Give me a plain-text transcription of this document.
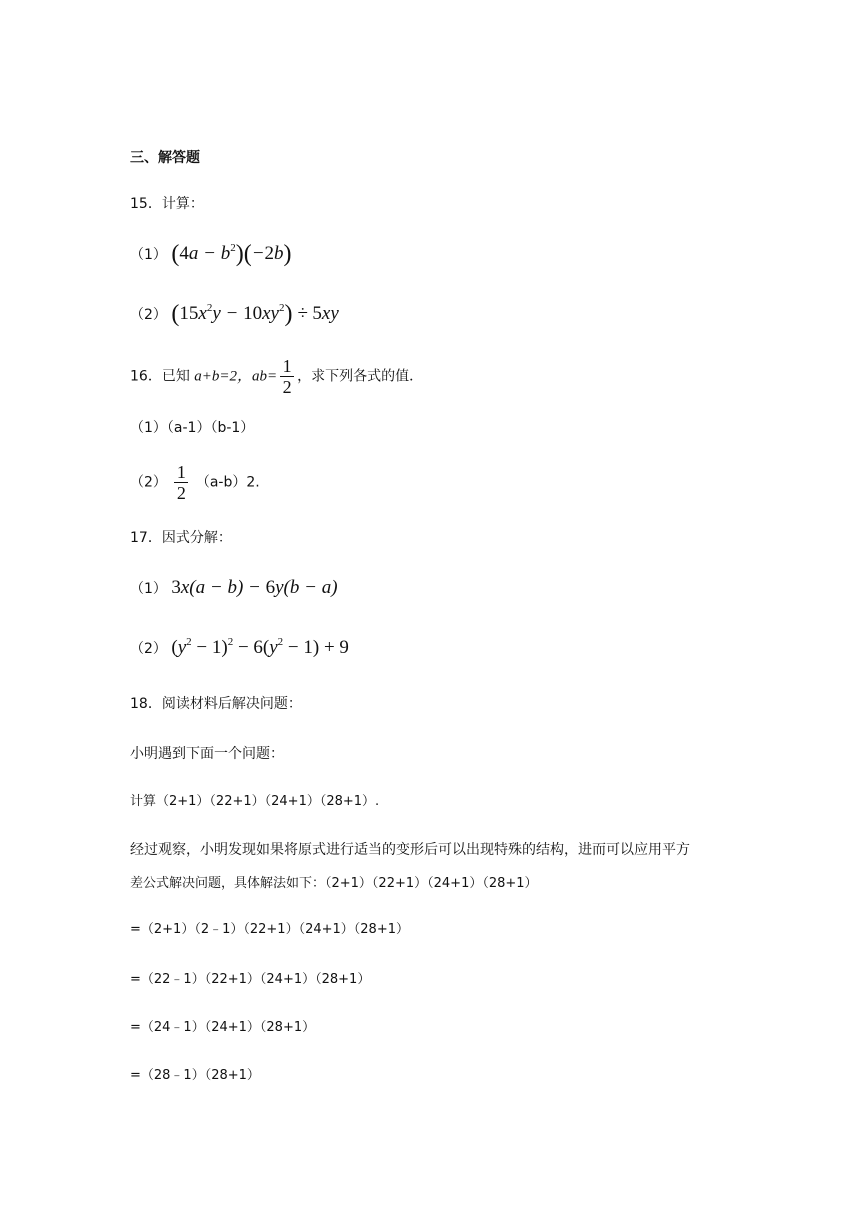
三、解答题
15．计算：
（1） $(4a - b^2)(-2b)$
（2） $(15x^2y - 10xy^2) \div 5xy$
16．已知 a+b=2，$ab= \frac{1}{2}$ ，求下列各式的值．
（1）（a-1）（b-1）
$(2) \frac{1}{2} (a-b)2$.
17．因式分解：
（1） 3x(a − b) − 6y(b − a)
（2） $(y^2 - 1)^2 - 6(y^2 - 1) + 9$
18．阅读材料后解决问题：
小明遇到下面一个问题：
计算（2+1）（22+1）（24+1）（28+1）.
经过观察，小明发现如果将原式进行适当的变形后可以出现特殊的结构，进而可以应用平方
差公式解决问题，具体解法如下：（2+1）（22+1）（24+1）（28+1）
=（2+1）（2﹣1）（22+1）（24+1）（28+1）
=（22﹣1）（22+1）（24+1）（28+1）
=（24﹣1）（24+1）（28+1）
=（28﹣1）（28+1）
